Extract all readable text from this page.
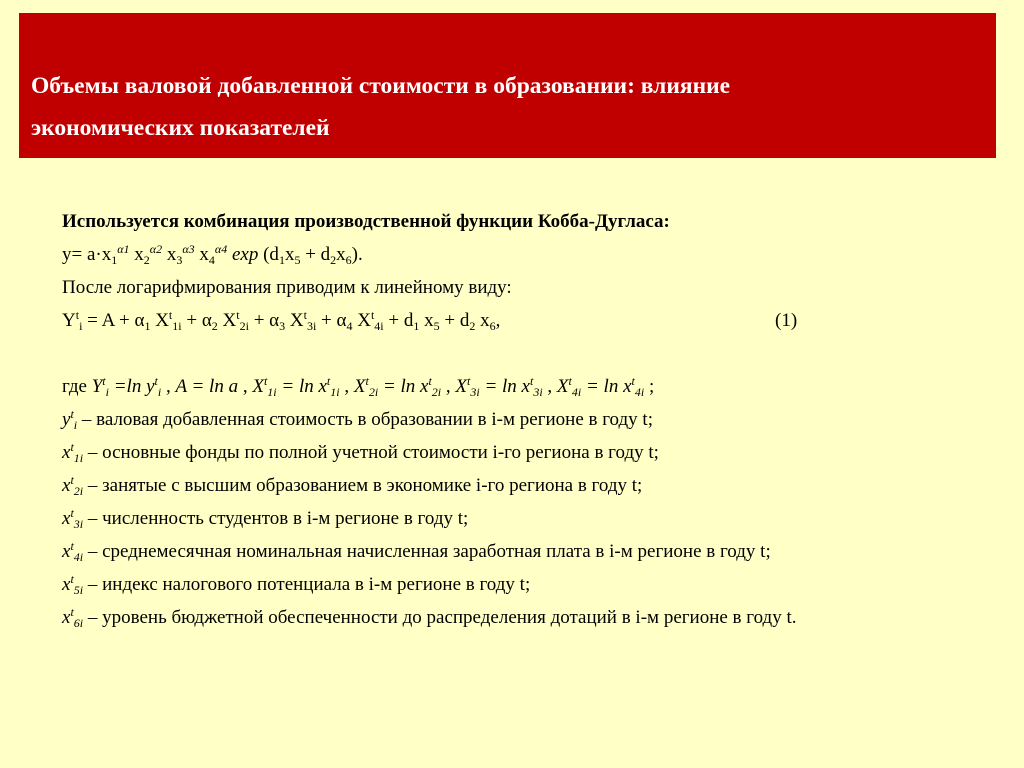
Объемы валовой добавленной стоимости в образовании: влияние
экономических показателей
Используется комбинация производственной функции Кобба-Дугласа:
$y= a\cdot x_1^{\alpha 1}$ $x_2^{\alpha 2}$ $x_3^{\alpha 3}$ $x_4^{\alpha 4}$ $\exp (d_1x_5 + d_2x_6)$.
После логарифмирования приводим к линейному виду:
$Y^t_i = A + \alpha_1$ $X^t_{1i} + \alpha_2$ $X^t_{2i} + \alpha_3$ $X^t_{3i} + \alpha_4$ $X^t_{4i} + d_1$ $x_5 + d_2$ $x_6$,	(1)
где $Y^t_i =\ln$ $y^t_i$ , A = ln a , $X^t_{1i} = \ln x^t_{1i}$ , $X^t_{2i} = \ln x^t_{2i}$ , $X^t_{3i} = \ln x^t_{3i}$ , $X^t_{4i} = \ln x^t_{4i}$ ;
$y^t_i$ – валовая добавленная стоимость в образовании в i-м регионе в году t;
$x^t_{1i}$ – основные фонды по полной учетной стоимости i-го региона в году t;
$x^t_{2i}$ – занятые с высшим образованием в экономике i-го региона в году t;
$x^t_{3i}$ – численность студентов в i-м регионе в году t;
$x^t_{4i}$ – среднемесячная номинальная начисленная заработная плата в i-м регионе в году t;
$x^t_{5i}$ – индекс налогового потенциала в i-м регионе в году t;
$x^t_{6i}$ – уровень бюджетной обеспеченности до распределения дотаций в i-м регионе в году t.
